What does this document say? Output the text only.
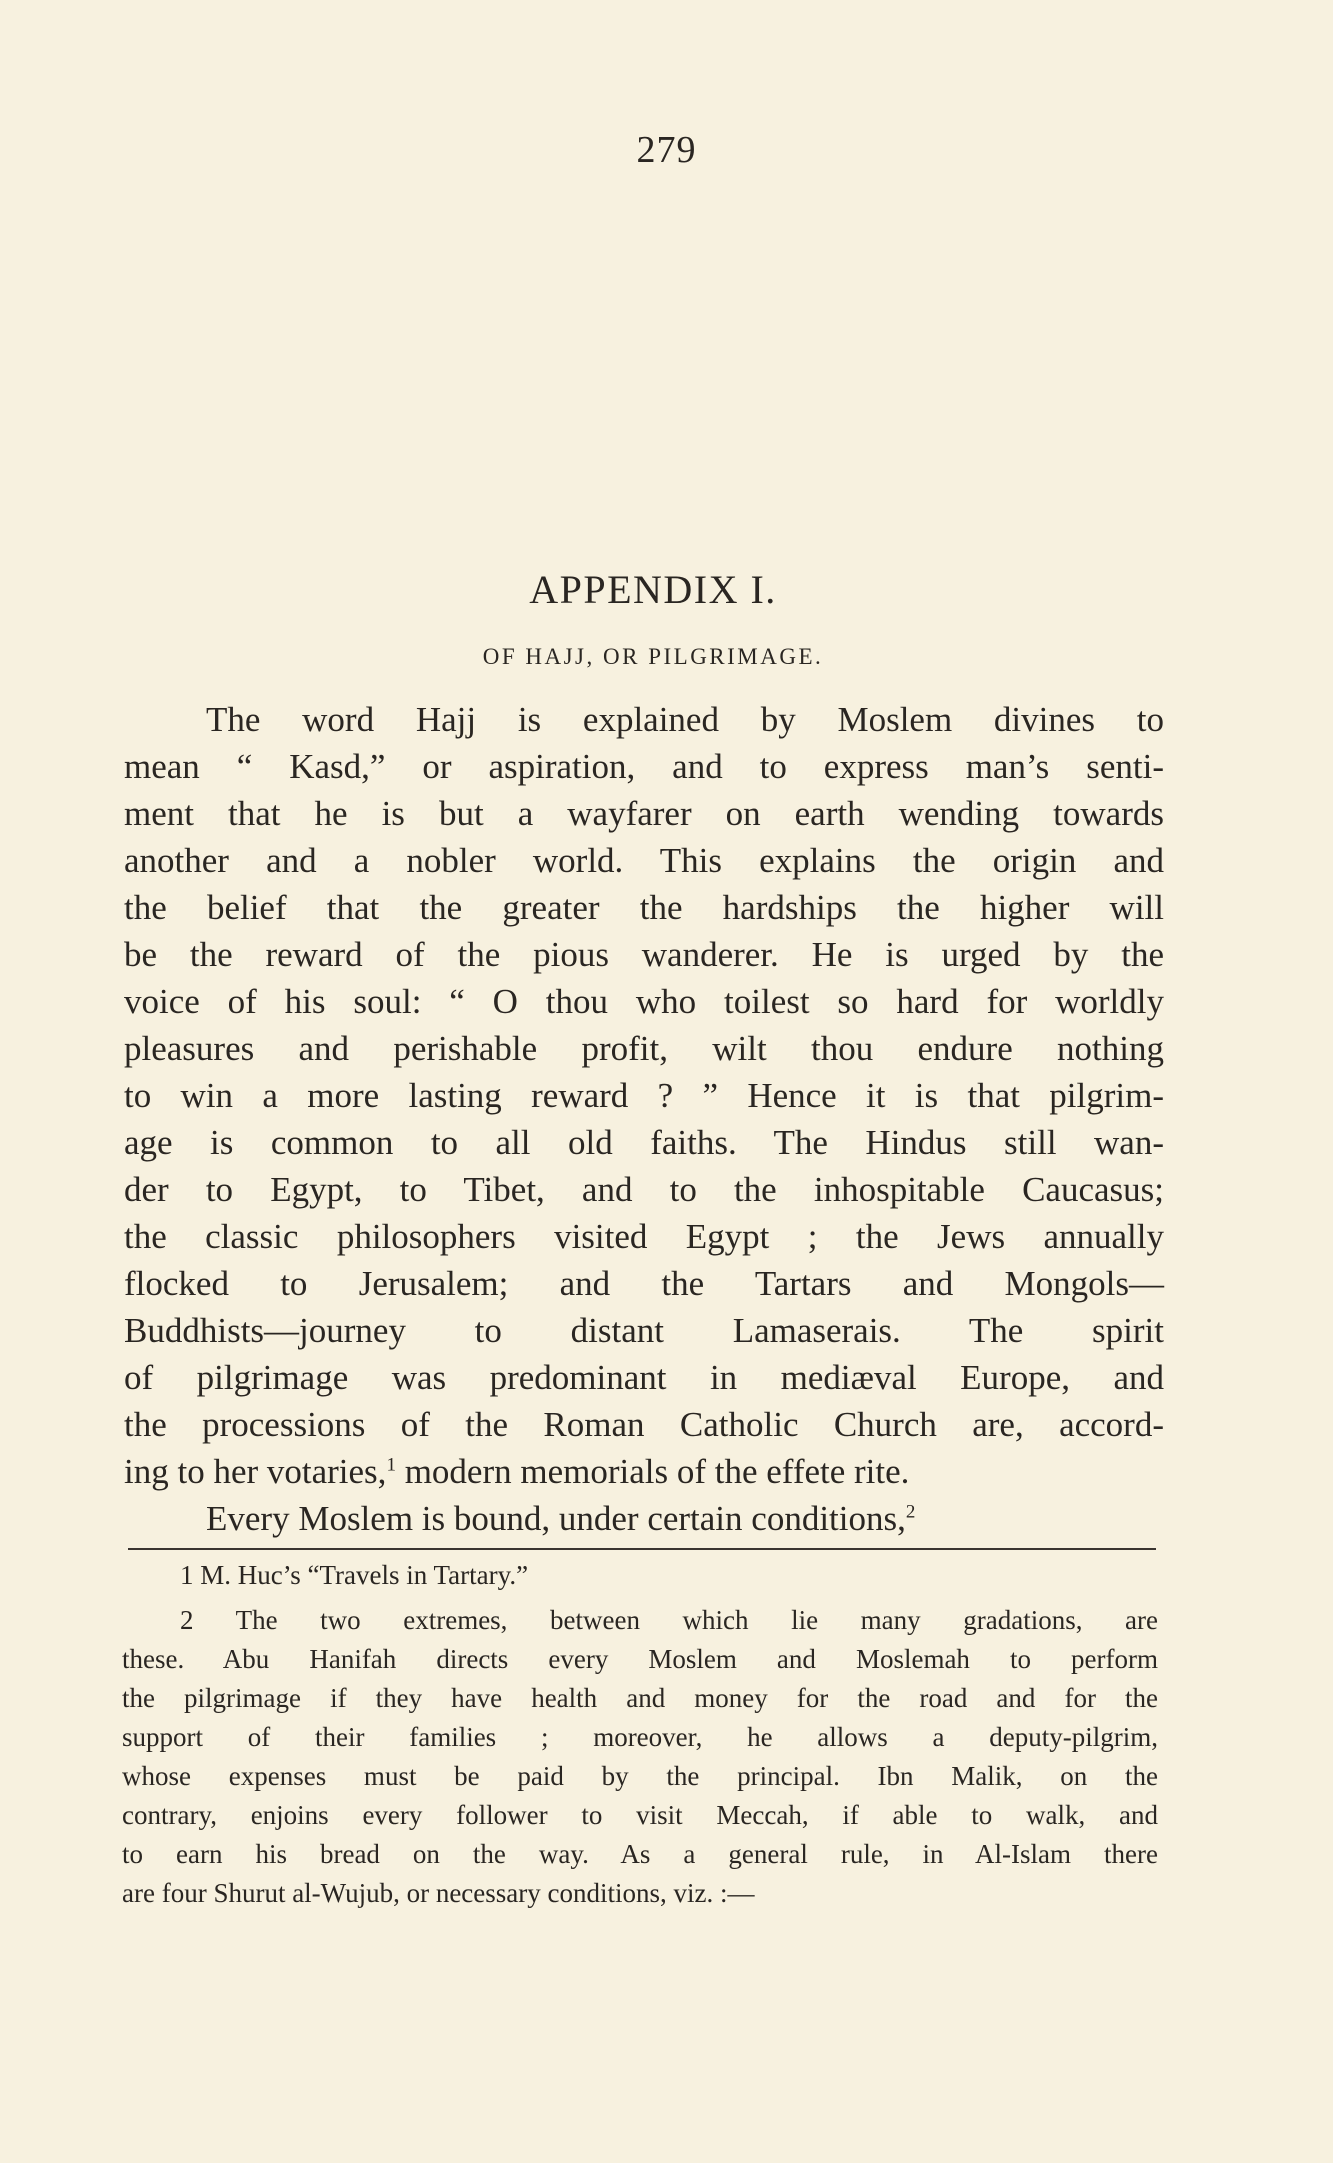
279
APPENDIX I.
OF HAJJ, OR PILGRIMAGE.
The word Hajj is explained by Moslem divines to
mean “ Kasd,” or aspiration, and to express man’s senti-
ment that he is but a wayfarer on earth wending towards
another and a nobler world. This explains the origin and
the belief that the greater the hardships the higher will
be the reward of the pious wanderer. He is urged by the
voice of his soul: “ O thou who toilest so hard for worldly
pleasures and perishable profit, wilt thou endure nothing
to win a more lasting reward ? ” Hence it is that pilgrim-
age is common to all old faiths. The Hindus still wan-
der to Egypt, to Tibet, and to the inhospitable Caucasus;
the classic philosophers visited Egypt ; the Jews annually
flocked to Jerusalem; and the Tartars and Mongols—
Buddhists—journey to distant Lamaserais. The spirit
of pilgrimage was predominant in mediæval Europe, and
the processions of the Roman Catholic Church are, accord-
ing to her votaries,$^1$ modern memorials of the effete rite.
Every Moslem is bound, under certain conditions,$^2$
1 M. Huc’s “Travels in Tartary.”
2 The two extremes, between which lie many gradations, are
these. Abu Hanifah directs every Moslem and Moslemah to perform
the pilgrimage if they have health and money for the road and for the
support of their families ; moreover, he allows a deputy-pilgrim,
whose expenses must be paid by the principal. Ibn Malik, on the
contrary, enjoins every follower to visit Meccah, if able to walk, and
to earn his bread on the way. As a general rule, in Al-Islam there
are four Shurut al-Wujub, or necessary conditions, viz. :—
